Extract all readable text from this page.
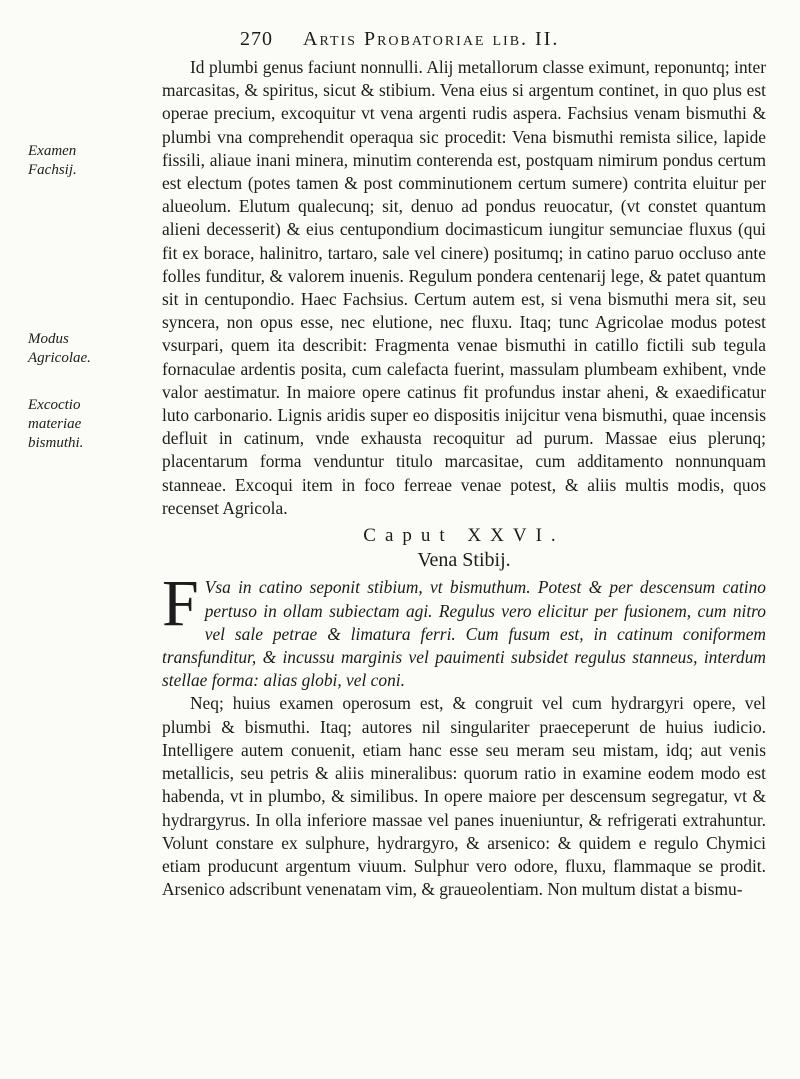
270 Artis Probatoriae lib. II.
Examen Fachsij.
Modus Agricolae.
Excoctio materiae bismuthi.

Id plumbi genus faciunt nonnulli. Alij metallorum classe eximunt, reponuntq; inter marcasitas, & spiritus, sicut & stibium. Vena eius si argentum continet, in quo plus est operae precium, excoquitur vt vena argenti rudis aspera. Fachsius venam bismuthi & plumbi vna comprehendit operaqua sic procedit: Vena bismuthi remista silice, lapide fissili, aliaue inani minera, minutim conterenda est, postquam nimirum pondus certum est electum (potes tamen & post comminutionem certum sumere) contrita eluitur per alueolum. Elutum qualecunq; sit, denuo ad pondus reuocatur, (vt constet quantum alieni decesserit) & eius centupondium docimasticum iungitur semunciae fluxus (qui fit ex borace, halinitro, tartaro, sale vel cinere) positumq; in catino paruo occluso ante folles funditur, & valorem inuenis. Regulum pondera centenarij lege, & patet quantum sit in centupondio. Haec Fachsius. Certum autem est, si vena bismuthi mera sit, seu syncera, non opus esse, nec elutione, nec fluxu. Itaq; tunc Agricolae modus potest vsurpari, quem ita describit: Fragmenta venae bismuthi in catillo fictili sub tegula fornaculae ardentis posita, cum calefacta fuerint, massulam plumbeam exhibent, vnde valor aestimatur. In maiore opere catinus fit profundus instar aheni, & exaedificatur luto carbonario. Lignis aridis super eo dispositis inijcitur vena bismuthi, quae incensis defluit in catinum, vnde exhausta recoquitur ad purum. Massae eius plerunq; placentarum forma venduntur titulo marcasitae, cum additamento nonnunquam stanneae. Excoqui item in foco ferreae venae potest, & aliis multis modis, quos recenset Agricola.

Caput XXVI.
Vena Stibij.

F Vsa in catino seponit stibium, vt bismuthum. Potest & per descensum catino pertuso in ollam subiectam agi. Regulus vero elicitur per fusionem, cum nitro vel sale petrae & limatura ferri. Cum fusum est, in catinum coniformem transfunditur, & incussu marginis vel pauimenti subsidet regulus stanneus, interdum stellae forma: alias globi, vel coni.

Neq; huius examen operosum est, & congruit vel cum hydrargyri opere, vel plumbi & bismuthi. Itaq; autores nil singulariter praeceperunt de huius iudicio. Intelligere autem conuenit, etiam hanc esse seu meram seu mistam, idq; aut venis metallicis, seu petris & aliis mineralibus: quorum ratio in examine eodem modo est habenda, vt in plumbo, & similibus. In opere maiore per descensum segregatur, vt & hydrargyrus. In olla inferiore massae vel panes inueniuntur, & refrigerati extrahuntur. Volunt constare ex sulphure, hydrargyro, & arsenico: & quidem e regulo Chymici etiam producunt argentum viuum. Sulphur vero odore, fluxu, flammaque se prodit. Arsenico adscribunt venenatam vim, & graueolentiam. Non multum distat a bismu-
